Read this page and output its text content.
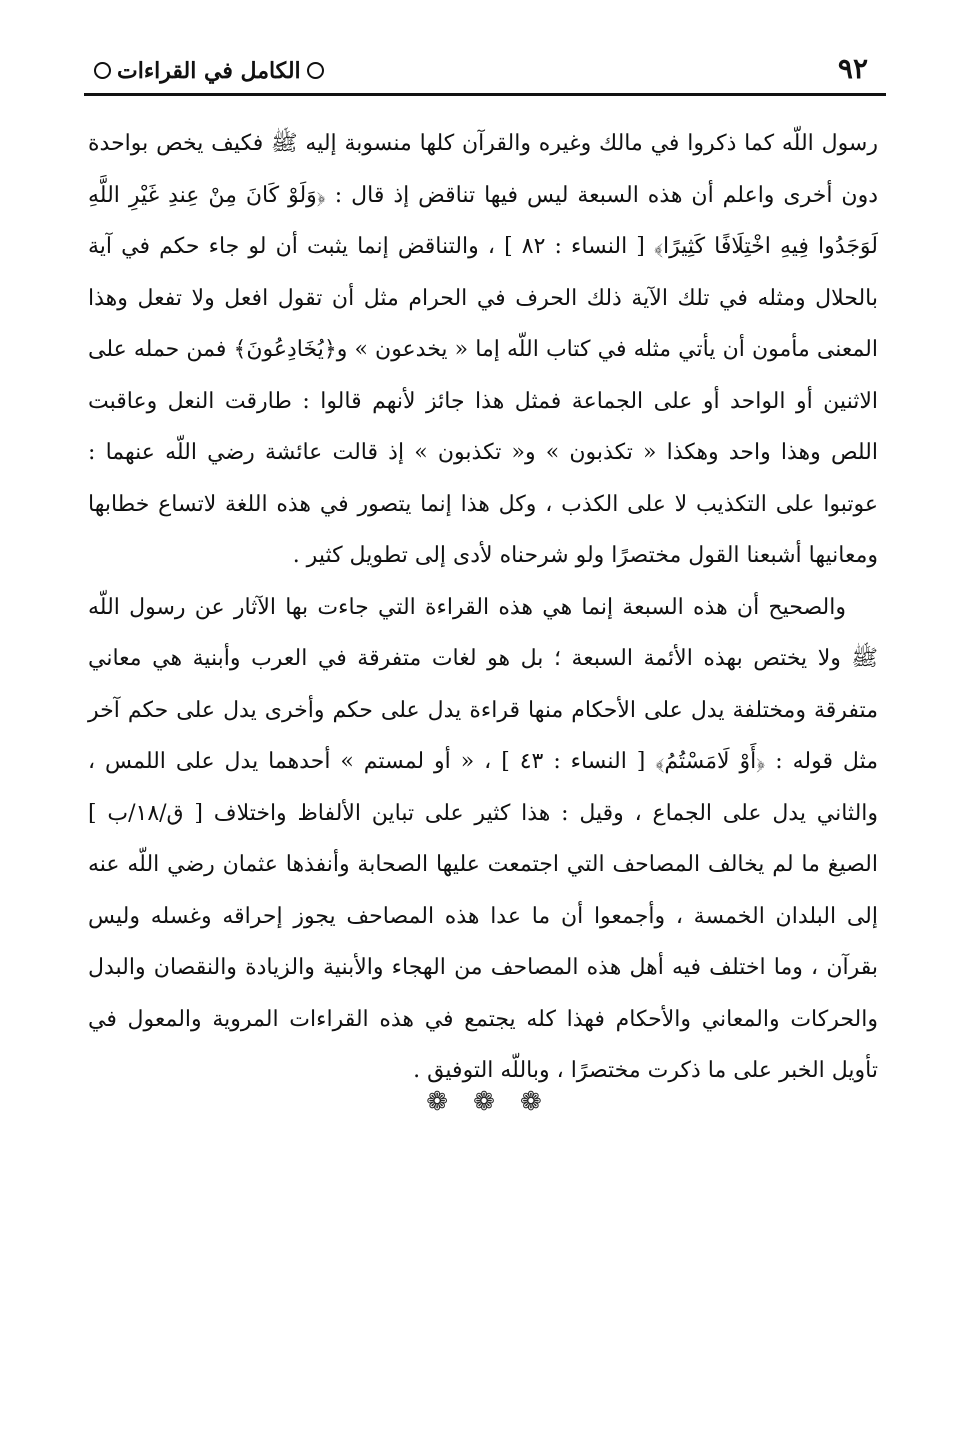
٩٢
الكامل في القراءات

رسول اللّه كما ذكروا في مالك وغيره والقرآن كلها منسوبة إليه ﷺ فكيف يخص بواحدة دون أخرى واعلم أن هذه السبعة ليس فيها تناقض إذ قال : ﴿وَلَوْ كَانَ مِنْ عِندِ غَيْرِ اللَّهِ لَوَجَدُوا فِيهِ اخْتِلَافًا كَثِيرًا﴾ [ النساء : ٨٢ ] ، والتناقض إنما يثبت أن لو جاء حكم في آية بالحلال ومثله في تلك الآية ذلك الحرف في الحرام مثل أن تقول افعل ولا تفعل وهذا المعنى مأمون أن يأتي مثله في كتاب اللّه إما « يخدعون » و﴿يُخَادِعُونَ﴾ فمن حمله على الاثنين أو الواحد أو على الجماعة فمثل هذا جائز لأنهم قالوا : طارقت النعل وعاقبت اللص وهذا واحد وهكذا « تكذبون » و« تكذبون » إذ قالت عائشة رضي اللّه عنهما : عوتبوا على التكذيب لا على الكذب ، وكل هذا إنما يتصور في هذه اللغة لاتساع خطابها ومعانيها أشبعنا القول مختصرًا ولو شرحناه لأدى إلى تطويل كثير .

والصحيح أن هذه السبعة إنما هي هذه القراءة التي جاءت بها الآثار عن رسول اللّه ﷺ ولا يختص بهذه الأئمة السبعة ؛ بل هو لغات متفرقة في العرب وأبنية هي معاني متفرقة ومختلفة يدل على الأحكام منها قراءة يدل على حكم وأخرى يدل على حكم آخر مثل قوله : ﴿أَوْ لَامَسْتُمُ﴾ [ النساء : ٤٣ ] ، « أو لمستم » أحدهما يدل على اللمس ، والثاني يدل على الجماع ، وقيل : هذا كثير على تباين الألفاظ واختلاف [ ق/١٨/ب ] الصيغ ما لم يخالف المصاحف التي اجتمعت عليها الصحابة وأنفذها عثمان رضي اللّه عنه إلى البلدان الخمسة ، وأجمعوا أن ما عدا هذه المصاحف يجوز إحراقه وغسله وليس بقرآن ، وما اختلف فيه أهل هذه المصاحف من الهجاء والأبنية والزيادة والنقصان والبدل والحركات والمعاني والأحكام فهذا كله يجتمع في هذه القراءات المروية والمعول في تأويل الخبر على ما ذكرت مختصرًا ، وباللّه التوفيق .

❁ ❁ ❁
